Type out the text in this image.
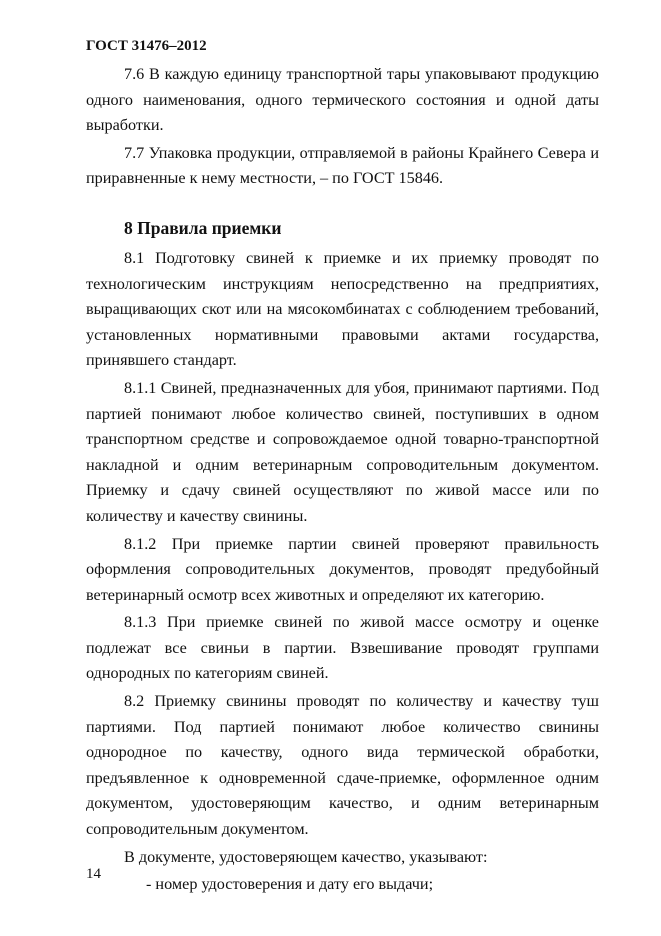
ГОСТ 31476–2012

7.6 В каждую единицу транспортной тары упаковывают продукцию одного наименования, одного термического состояния и одной даты выработки.

7.7 Упаковка продукции, отправляемой в районы Крайнего Севера и приравненные к нему местности, – по ГОСТ 15846.

8 Правила приемки

8.1 Подготовку свиней к приемке и их приемку проводят по технологическим инструкциям непосредственно на предприятиях, выращивающих скот или на мясокомбинатах с соблюдением требований, установленных нормативными правовыми актами государства, принявшего стандарт.

8.1.1 Свиней, предназначенных для убоя, принимают партиями. Под партией понимают любое количество свиней, поступивших в одном транспортном средстве и сопровождаемое одной товарно-транспортной накладной и одним ветеринарным сопроводительным документом. Приемку и сдачу свиней осуществляют по живой массе или по количеству и качеству свинины.

8.1.2 При приемке партии свиней проверяют правильность оформления сопроводительных документов, проводят предубойный ветеринарный осмотр всех животных и определяют их категорию.

8.1.3 При приемке свиней по живой массе осмотру и оценке подлежат все свиньи в партии. Взвешивание проводят группами однородных по категориям свиней.

8.2 Приемку свинины проводят по количеству и качеству туш партиями. Под партией понимают любое количество свинины однородное по качеству, одного вида термической обработки, предъявленное к одновременной сдаче-приемке, оформленное одним документом, удостоверяющим качество, и одним ветеринарным сопроводительным документом.

В документе, удостоверяющем качество, указывают:

- номер удостоверения и дату его выдачи;

14
